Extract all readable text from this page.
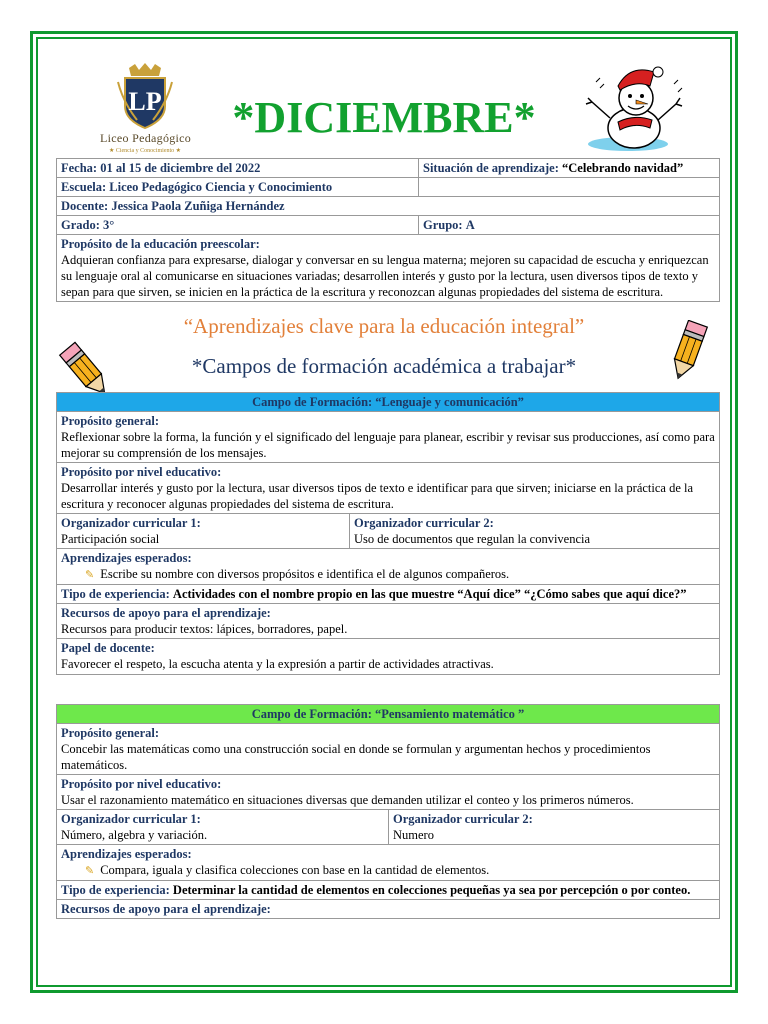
LP
Liceo Pedagógico
★ Ciencia y Conocimiento ★
*DICIEMBRE*
Fecha: 01 al 15 de diciembre del 2022	Situación de aprendizaje: “Celebrando navidad”
Escuela: Liceo Pedagógico Ciencia y Conocimiento	
Docente: Jessica Paola Zuñiga Hernández	
Grado: 3°	Grupo: A

Propósito de la educación preescolar:
Adquieran confianza para expresarse, dialogar y conversar en su lengua materna; mejoren su capacidad de escucha y enriquezcan su lenguaje oral al comunicarse en situaciones variadas; desarrollen interés y gusto por la lectura, usen diversos tipos de texto y sepan para que sirven, se inicien en la práctica de la escritura y reconozcan algunas propiedades del sistema de escritura.	
“Aprendizajes clave para la educación integral”
*Campos de formación académica a trabajar*
Campo de Formación: “Lenguaje y comunicación”

Propósito general:
Reflexionar sobre la forma, la función y el significado del lenguaje para planear, escribir y revisar sus producciones, así como para mejorar su comprensión de los mensajes.

Propósito por nivel educativo:
Desarrollar interés y gusto por la lectura, usar diversos tipos de texto e identificar para que sirven; iniciarse en la práctica de la escritura y reconocer algunas propiedades del sistema de escritura.

Organizador curricular 1:
Participación social

Organizador curricular 2:
Uso de documentos que regulan la convivencia

Aprendizajes esperados:
✎ Escribe su nombre con diversos propósitos e identifica el de algunos compañeros.

Tipo de experiencia: Actividades con el nombre propio en las que muestre “Aquí dice” “¿Cómo sabes que aquí dice?”

Recursos de apoyo para el aprendizaje:
Recursos para producir textos: lápices, borradores, papel.

Papel de docente:
Favorecer el respeto, la escucha atenta y la expresión a partir de actividades atractivas.
Campo de Formación: “Pensamiento matemático ”

Propósito general:
Concebir las matemáticas como una construcción social en donde se formulan y argumentan hechos y procedimientos matemáticos.

Propósito por nivel educativo:
Usar el razonamiento matemático en situaciones diversas que demanden utilizar el conteo y los primeros números.

Organizador curricular 1:
Número, algebra y variación.

Organizador curricular 2:
Numero

Aprendizajes esperados:
✎ Compara, iguala y clasifica colecciones con base en la cantidad de elementos.

Tipo de experiencia: Determinar la cantidad de elementos en colecciones pequeñas ya sea por percepción o por conteo.

Recursos de apoyo para el aprendizaje:
